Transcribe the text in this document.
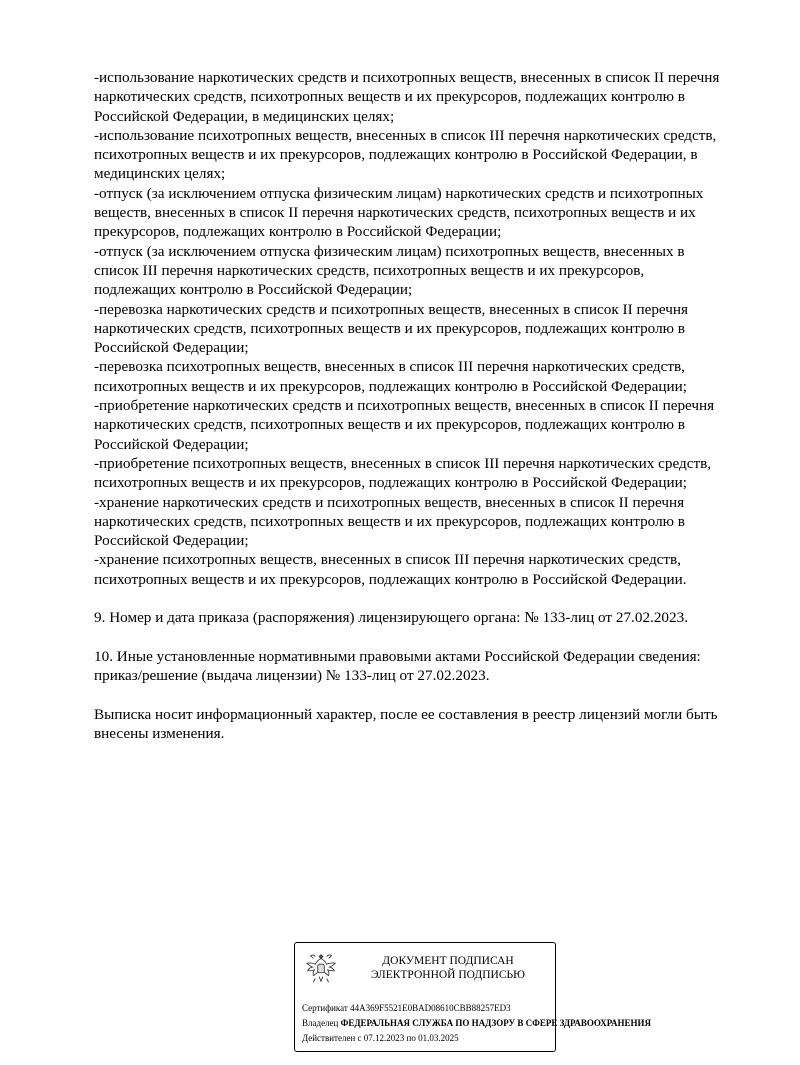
-использование наркотических средств и психотропных веществ, внесенных в список II перечня
наркотических средств, психотропных веществ и их прекурсоров, подлежащих контролю в
Российской Федерации, в медицинских целях;
-использование психотропных веществ, внесенных в список III перечня наркотических средств,
психотропных веществ и их прекурсоров, подлежащих контролю в Российской Федерации, в
медицинских целях;
-отпуск (за исключением отпуска физическим лицам) наркотических средств и психотропных
веществ, внесенных в список II перечня наркотических средств, психотропных веществ и их
прекурсоров, подлежащих контролю в Российской Федерации;
-отпуск (за исключением отпуска физическим лицам) психотропных веществ, внесенных в
список III перечня наркотических средств, психотропных веществ и их прекурсоров,
подлежащих контролю в Российской Федерации;
-перевозка наркотических средств и психотропных веществ, внесенных в список II перечня
наркотических средств, психотропных веществ и их прекурсоров, подлежащих контролю в
Российской Федерации;
-перевозка психотропных веществ, внесенных в список III перечня наркотических средств,
психотропных веществ и их прекурсоров, подлежащих контролю в Российской Федерации;
-приобретение наркотических средств и психотропных веществ, внесенных в список II перечня
наркотических средств, психотропных веществ и их прекурсоров, подлежащих контролю в
Российской Федерации;
-приобретение психотропных веществ, внесенных в список III перечня наркотических средств,
психотропных веществ и их прекурсоров, подлежащих контролю в Российской Федерации;
-хранение наркотических средств и психотропных веществ, внесенных в список II перечня
наркотических средств, психотропных веществ и их прекурсоров, подлежащих контролю в
Российской Федерации;
-хранение психотропных веществ, внесенных в список III перечня наркотических средств,
психотропных веществ и их прекурсоров, подлежащих контролю в Российской Федерации.
9. Номер и дата приказа (распоряжения) лицензирующего органа: № 133-лиц от 27.02.2023.
10. Иные установленные нормативными правовыми актами Российской Федерации сведения:
приказ/решение (выдача лицензии) № 133-лиц от 27.02.2023.
Выписка носит информационный характер, после ее составления в реестр лицензий могли быть
внесены изменения.
ДОКУМЕНТ ПОДПИСАН
ЭЛЕКТРОННОЙ ПОДПИСЬЮ
Сертификат 44A369F5521E0BAD08610CBB88257ED3
Владелец ФЕДЕРАЛЬНАЯ СЛУЖБА ПО НАДЗОРУ В СФЕРЕ ЗДРАВООХРАНЕНИЯ
Действителен с 07.12.2023 по 01.03.2025
